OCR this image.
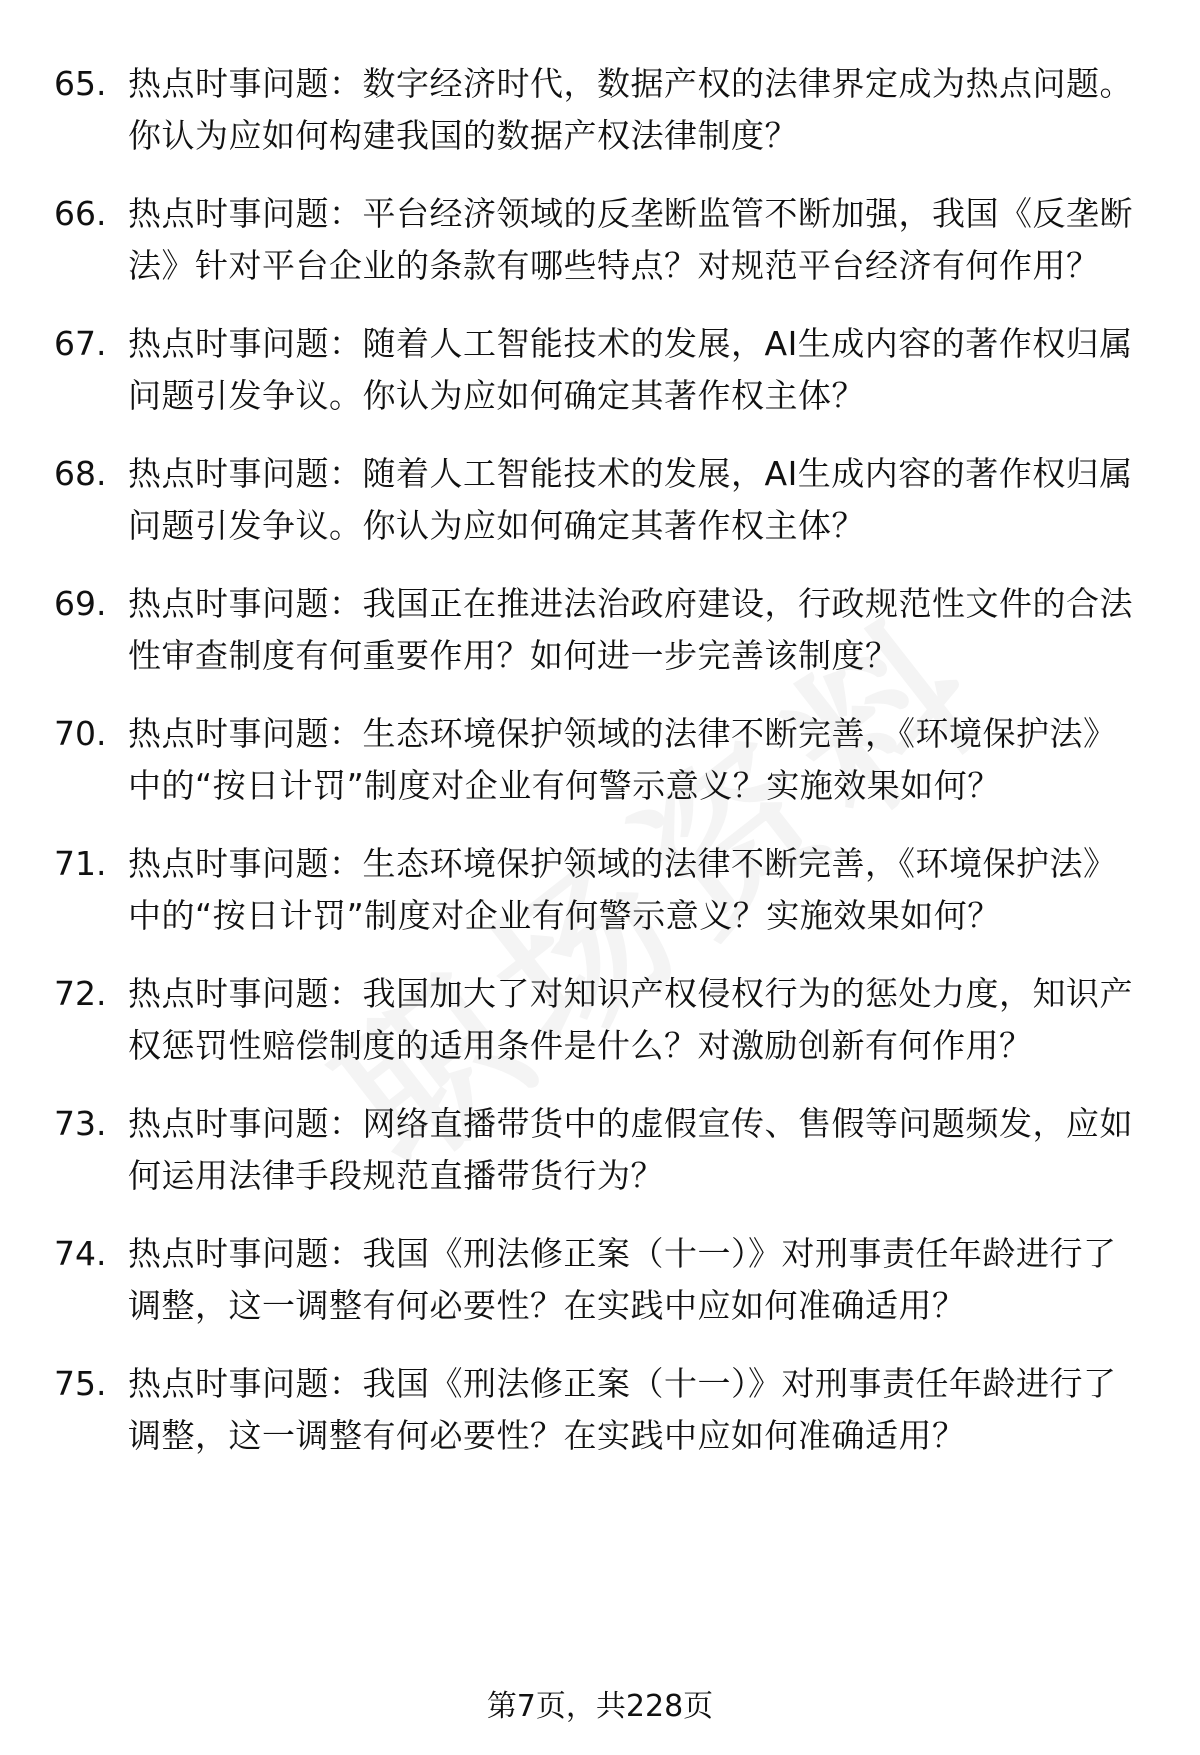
65. 热点时事问题：数字经济时代，数据产权的法律界定成为热点问题。你认为应如何构建我国的数据产权法律制度？
66. 热点时事问题：平台经济领域的反垄断监管不断加强，我国《反垄断法》针对平台企业的条款有哪些特点？对规范平台经济有何作用？
67. 热点时事问题：随着人工智能技术的发展，AI生成内容的著作权归属问题引发争议。你认为应如何确定其著作权主体？
68. 热点时事问题：随着人工智能技术的发展，AI生成内容的著作权归属问题引发争议。你认为应如何确定其著作权主体？
69. 热点时事问题：我国正在推进法治政府建设，行政规范性文件的合法性审查制度有何重要作用？如何进一步完善该制度？
70. 热点时事问题：生态环境保护领域的法律不断完善，《环境保护法》中的“按日计罚”制度对企业有何警示意义？实施效果如何？
71. 热点时事问题：生态环境保护领域的法律不断完善，《环境保护法》中的“按日计罚”制度对企业有何警示意义？实施效果如何？
72. 热点时事问题：我国加大了对知识产权侵权行为的惩处力度，知识产权惩罚性赔偿制度的适用条件是什么？对激励创新有何作用？
73. 热点时事问题：网络直播带货中的虚假宣传、售假等问题频发，应如何运用法律手段规范直播带货行为？
74. 热点时事问题：我国《刑法修正案（十一）》对刑事责任年龄进行了调整，这一调整有何必要性？在实践中应如何准确适用？
75. 热点时事问题：我国《刑法修正案（十一）》对刑事责任年龄进行了调整，这一调整有何必要性？在实践中应如何准确适用？
第7页，共228页
